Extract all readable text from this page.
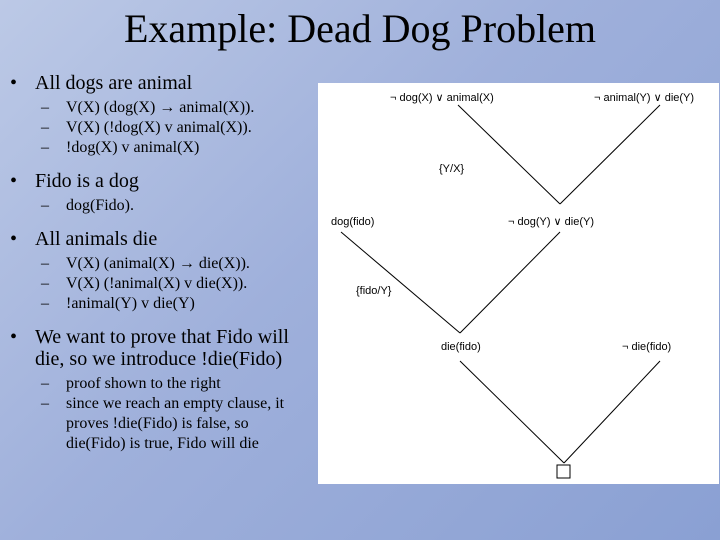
Example: Dead Dog Problem
• All dogs are animal
– V(X) (dog(X) → animal(X)).
– V(X) (!dog(X) v animal(X)).
– !dog(X) v animal(X)
• Fido is a dog
– dog(Fido).
• All animals die
– V(X) (animal(X) → die(X)).
– V(X) (!animal(X) v die(X)).
– !animal(Y) v die(Y)
• We want to prove that Fido will die, so we introduce !die(Fido)
– proof shown to the right
– since we reach an empty clause, it proves !die(Fido) is false, so die(Fido) is true, Fido will die
¬ dog(X) ∨ animal(X)	¬ animal(Y) ∨ die(Y)
{Y/X}
dog(fido)	¬ dog(Y) ∨ die(Y)
{fido/Y}
die(fido)	¬ die(fido)
